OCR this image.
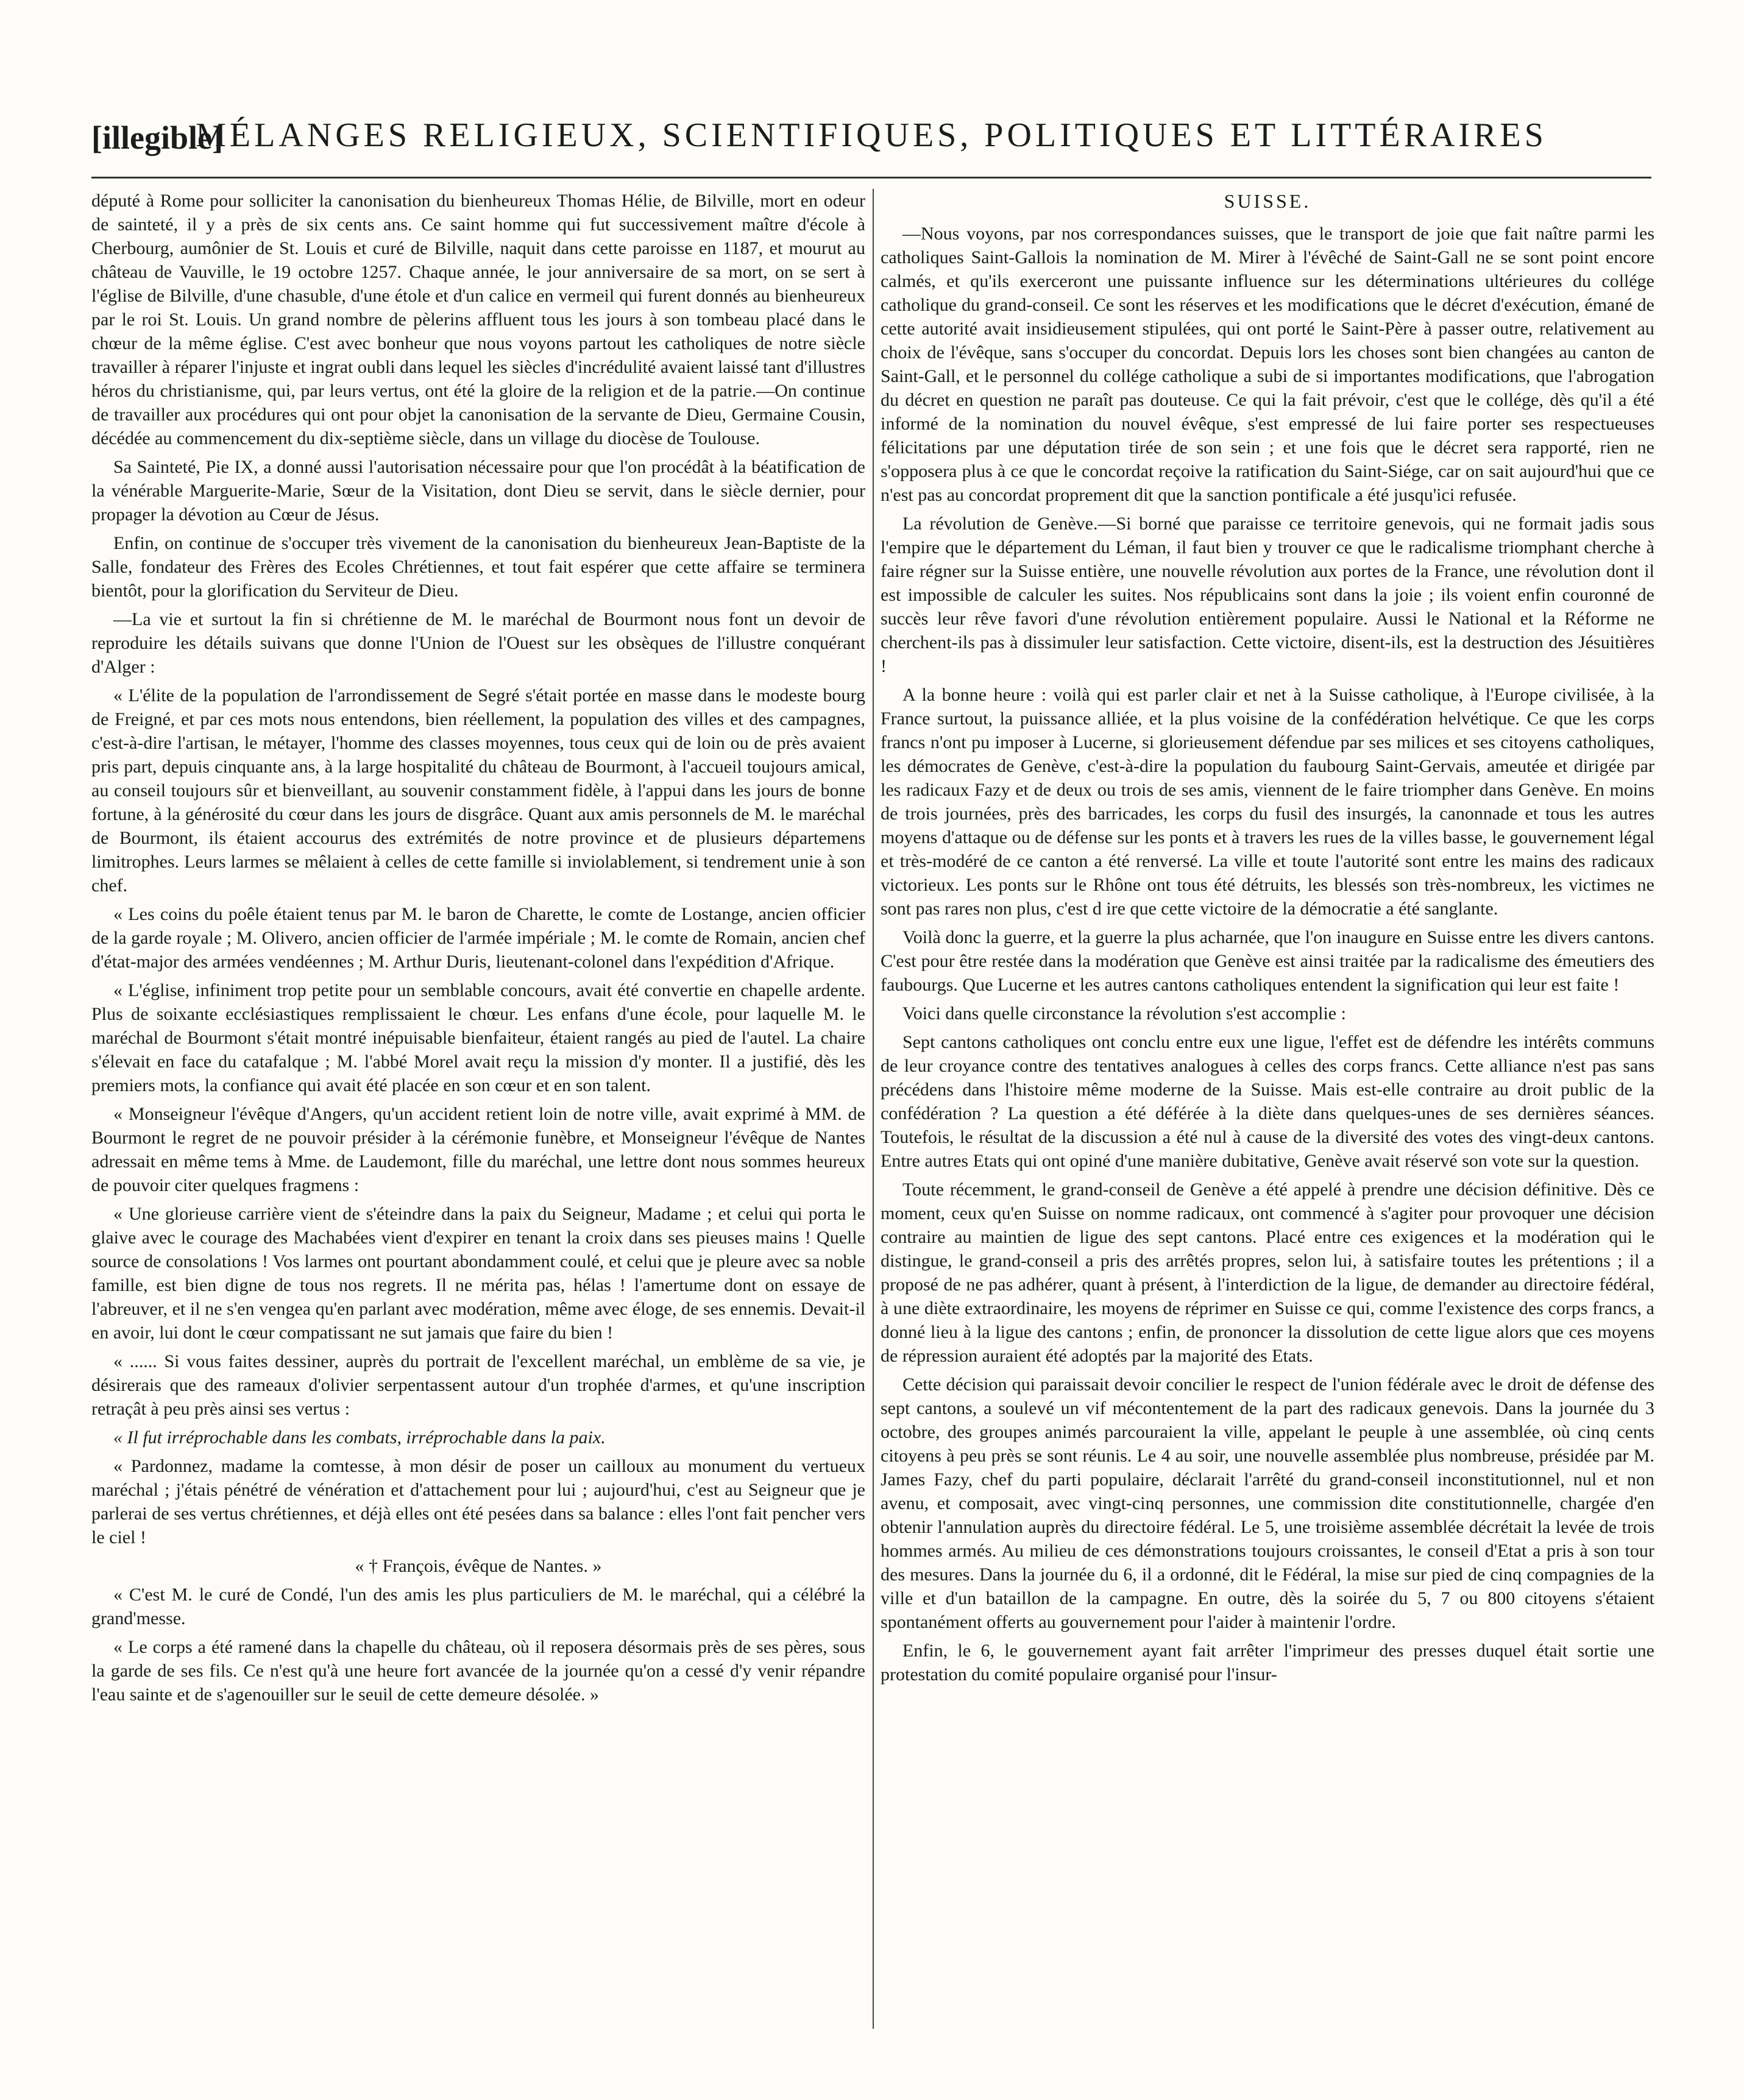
[illegible]
MÉLANGES RELIGIEUX, SCIENTIFIQUES, POLITIQUES ET LITTÉRAIRES

député à Rome pour solliciter la canonisation du bienheureux Thomas Hélie, de Bilville, mort en odeur de sainteté, il y a près de six cents ans. Ce saint homme qui fut successivement maître d'école à Cherbourg, aumônier de St. Louis et curé de Bilville, naquit dans cette paroisse en 1187, et mourut au château de Vauville, le 19 octobre 1257. Chaque année, le jour anniversaire de sa mort, on se sert à l'église de Bilville, d'une chasuble, d'une étole et d'un calice en vermeil qui furent donnés au bienheureux par le roi St. Louis. Un grand nombre de pèlerins affluent tous les jours à son tombeau placé dans le chœur de la même église. C'est avec bonheur que nous voyons partout les catholiques de notre siècle travailler à réparer l'injuste et ingrat oubli dans lequel les siècles d'incrédulité avaient laissé tant d'illustres héros du christianisme, qui, par leurs vertus, ont été la gloire de la religion et de la patrie.—On continue de travailler aux procédures qui ont pour objet la canonisation de la servante de Dieu, Germaine Cousin, décédée au commencement du dix-septième siècle, dans un village du diocèse de Toulouse.

Sa Sainteté, Pie IX, a donné aussi l'autorisation nécessaire pour que l'on procédât à la béatification de la vénérable Marguerite-Marie, Sœur de la Visitation, dont Dieu se servit, dans le siècle dernier, pour propager la dévotion au Cœur de Jésus.

Enfin, on continue de s'occuper très vivement de la canonisation du bienheureux Jean-Baptiste de la Salle, fondateur des Frères des Ecoles Chrétiennes, et tout fait espérer que cette affaire se terminera bientôt, pour la glorification du Serviteur de Dieu.

—La vie et surtout la fin si chrétienne de M. le maréchal de Bourmont nous font un devoir de reproduire les détails suivans que donne l'Union de l'Ouest sur les obsèques de l'illustre conquérant d'Alger :

« L'élite de la population de l'arrondissement de Segré s'était portée en masse dans le modeste bourg de Freigné, et par ces mots nous entendons, bien réellement, la population des villes et des campagnes, c'est-à-dire l'artisan, le métayer, l'homme des classes moyennes, tous ceux qui de loin ou de près avaient pris part, depuis cinquante ans, à la large hospitalité du château de Bourmont, à l'accueil toujours amical, au conseil toujours sûr et bienveillant, au souvenir constamment fidèle, à l'appui dans les jours de bonne fortune, à la générosité du cœur dans les jours de disgrâce. Quant aux amis personnels de M. le maréchal de Bourmont, ils étaient accourus des extrémités de notre province et de plusieurs départemens limitrophes. Leurs larmes se mêlaient à celles de cette famille si inviolablement, si tendrement unie à son chef.

« Les coins du poêle étaient tenus par M. le baron de Charette, le comte de Lostange, ancien officier de la garde royale ; M. Olivero, ancien officier de l'armée impériale ; M. le comte de Romain, ancien chef d'état-major des armées vendéennes ; M. Arthur Duris, lieutenant-colonel dans l'expédition d'Afrique.

« L'église, infiniment trop petite pour un semblable concours, avait été convertie en chapelle ardente. Plus de soixante ecclésiastiques remplissaient le chœur. Les enfans d'une école, pour laquelle M. le maréchal de Bourmont s'était montré inépuisable bienfaiteur, étaient rangés au pied de l'autel. La chaire s'élevait en face du catafalque ; M. l'abbé Morel avait reçu la mission d'y monter. Il a justifié, dès les premiers mots, la confiance qui avait été placée en son cœur et en son talent.

« Monseigneur l'évêque d'Angers, qu'un accident retient loin de notre ville, avait exprimé à MM. de Bourmont le regret de ne pouvoir présider à la cérémonie funèbre, et Monseigneur l'évêque de Nantes adressait en même tems à Mme. de Laudemont, fille du maréchal, une lettre dont nous sommes heureux de pouvoir citer quelques fragmens :

« Une glorieuse carrière vient de s'éteindre dans la paix du Seigneur, Madame ; et celui qui porta le glaive avec le courage des Machabées vient d'expirer en tenant la croix dans ses pieuses mains ! Quelle source de consolations ! Vos larmes ont pourtant abondamment coulé, et celui que je pleure avec sa noble famille, est bien digne de tous nos regrets. Il ne mérita pas, hélas ! l'amertume dont on essaye de l'abreuver, et il ne s'en vengea qu'en parlant avec modération, même avec éloge, de ses ennemis. Devait-il en avoir, lui dont le cœur compatissant ne sut jamais que faire du bien !

« ...... Si vous faites dessiner, auprès du portrait de l'excellent maréchal, un emblème de sa vie, je désirerais que des rameaux d'olivier serpentassent autour d'un trophée d'armes, et qu'une inscription retraçât à peu près ainsi ses vertus :

« Il fut irréprochable dans les combats, irréprochable dans la paix.

« Pardonnez, madame la comtesse, à mon désir de poser un cailloux au monument du vertueux maréchal ; j'étais pénétré de vénération et d'attachement pour lui ; aujourd'hui, c'est au Seigneur que je parlerai de ses vertus chrétiennes, et déjà elles ont été pesées dans sa balance : elles l'ont fait pencher vers le ciel !

« † François, évêque de Nantes. »

« C'est M. le curé de Condé, l'un des amis les plus particuliers de M. le maréchal, qui a célébré la grand'messe.

« Le corps a été ramené dans la chapelle du château, où il reposera désormais près de ses pères, sous la garde de ses fils. Ce n'est qu'à une heure fort avancée de la journée qu'on a cessé d'y venir répandre l'eau sainte et de s'agenouiller sur le seuil de cette demeure désolée. »

SUISSE.

—Nous voyons, par nos correspondances suisses, que le transport de joie que fait naître parmi les catholiques Saint-Gallois la nomination de M. Mirer à l'évêché de Saint-Gall ne se sont point encore calmés, et qu'ils exerceront une puissante influence sur les déterminations ultérieures du collége catholique du grand-conseil. Ce sont les réserves et les modifications que le décret d'exécution, émané de cette autorité avait insidieusement stipulées, qui ont porté le Saint-Père à passer outre, relativement au choix de l'évêque, sans s'occuper du concordat. Depuis lors les choses sont bien changées au canton de Saint-Gall, et le personnel du collége catholique a subi de si importantes modifications, que l'abrogation du décret en question ne paraît pas douteuse. Ce qui la fait prévoir, c'est que le collége, dès qu'il a été informé de la nomination du nouvel évêque, s'est empressé de lui faire porter ses respectueuses félicitations par une députation tirée de son sein ; et une fois que le décret sera rapporté, rien ne s'opposera plus à ce que le concordat reçoive la ratification du Saint-Siége, car on sait aujourd'hui que ce n'est pas au concordat proprement dit que la sanction pontificale a été jusqu'ici refusée.

La révolution de Genève.—Si borné que paraisse ce territoire genevois, qui ne formait jadis sous l'empire que le département du Léman, il faut bien y trouver ce que le radicalisme triomphant cherche à faire régner sur la Suisse entière, une nouvelle révolution aux portes de la France, une révolution dont il est impossible de calculer les suites. Nos républicains sont dans la joie ; ils voient enfin couronné de succès leur rêve favori d'une révolution entièrement populaire. Aussi le National et la Réforme ne cherchent-ils pas à dissimuler leur satisfaction. Cette victoire, disent-ils, est la destruction des Jésuitières !

A la bonne heure : voilà qui est parler clair et net à la Suisse catholique, à l'Europe civilisée, à la France surtout, la puissance alliée, et la plus voisine de la confédération helvétique. Ce que les corps francs n'ont pu imposer à Lucerne, si glorieusement défendue par ses milices et ses citoyens catholiques, les démocrates de Genève, c'est-à-dire la population du faubourg Saint-Gervais, ameutée et dirigée par les radicaux Fazy et de deux ou trois de ses amis, viennent de le faire triompher dans Genève. En moins de trois journées, près des barricades, les corps du fusil des insurgés, la canonnade et tous les autres moyens d'attaque ou de défense sur les ponts et à travers les rues de la villes basse, le gouvernement légal et très-modéré de ce canton a été renversé. La ville et toute l'autorité sont entre les mains des radicaux victorieux. Les ponts sur le Rhône ont tous été détruits, les blessés son très-nombreux, les victimes ne sont pas rares non plus, c'est d ire que cette victoire de la démocratie a été sanglante.

Voilà donc la guerre, et la guerre la plus acharnée, que l'on inaugure en Suisse entre les divers cantons. C'est pour être restée dans la modération que Genève est ainsi traitée par la radicalisme des émeutiers des faubourgs. Que Lucerne et les autres cantons catholiques entendent la signification qui leur est faite !

Voici dans quelle circonstance la révolution s'est accomplie :

Sept cantons catholiques ont conclu entre eux une ligue, l'effet est de défendre les intérêts communs de leur croyance contre des tentatives analogues à celles des corps francs. Cette alliance n'est pas sans précédens dans l'histoire même moderne de la Suisse. Mais est-elle contraire au droit public de la confédération ? La question a été déférée à la diète dans quelques-unes de ses dernières séances. Toutefois, le résultat de la discussion a été nul à cause de la diversité des votes des vingt-deux cantons. Entre autres Etats qui ont opiné d'une manière dubitative, Genève avait réservé son vote sur la question.

Toute récemment, le grand-conseil de Genève a été appelé à prendre une décision définitive. Dès ce moment, ceux qu'en Suisse on nomme radicaux, ont commencé à s'agiter pour provoquer une décision contraire au maintien de ligue des sept cantons. Placé entre ces exigences et la modération qui le distingue, le grand-conseil a pris des arrêtés propres, selon lui, à satisfaire toutes les prétentions ; il a proposé de ne pas adhérer, quant à présent, à l'interdiction de la ligue, de demander au directoire fédéral, à une diète extraordinaire, les moyens de réprimer en Suisse ce qui, comme l'existence des corps francs, a donné lieu à la ligue des cantons ; enfin, de prononcer la dissolution de cette ligue alors que ces moyens de répression auraient été adoptés par la majorité des Etats.

Cette décision qui paraissait devoir concilier le respect de l'union fédérale avec le droit de défense des sept cantons, a soulevé un vif mécontentement de la part des radicaux genevois. Dans la journée du 3 octobre, des groupes animés parcouraient la ville, appelant le peuple à une assemblée, où cinq cents citoyens à peu près se sont réunis. Le 4 au soir, une nouvelle assemblée plus nombreuse, présidée par M. James Fazy, chef du parti populaire, déclarait l'arrêté du grand-conseil inconstitutionnel, nul et non avenu, et composait, avec vingt-cinq personnes, une commission dite constitutionnelle, chargée d'en obtenir l'annulation auprès du directoire fédéral. Le 5, une troisième assemblée décrétait la levée de trois hommes armés. Au milieu de ces démonstrations toujours croissantes, le conseil d'Etat a pris à son tour des mesures. Dans la journée du 6, il a ordonné, dit le Fédéral, la mise sur pied de cinq compagnies de la ville et d'un bataillon de la campagne. En outre, dès la soirée du 5, 7 ou 800 citoyens s'étaient spontanément offerts au gouvernement pour l'aider à maintenir l'ordre.

Enfin, le 6, le gouvernement ayant fait arrêter l'imprimeur des presses duquel était sortie une protestation du comité populaire organisé pour l'insur-
